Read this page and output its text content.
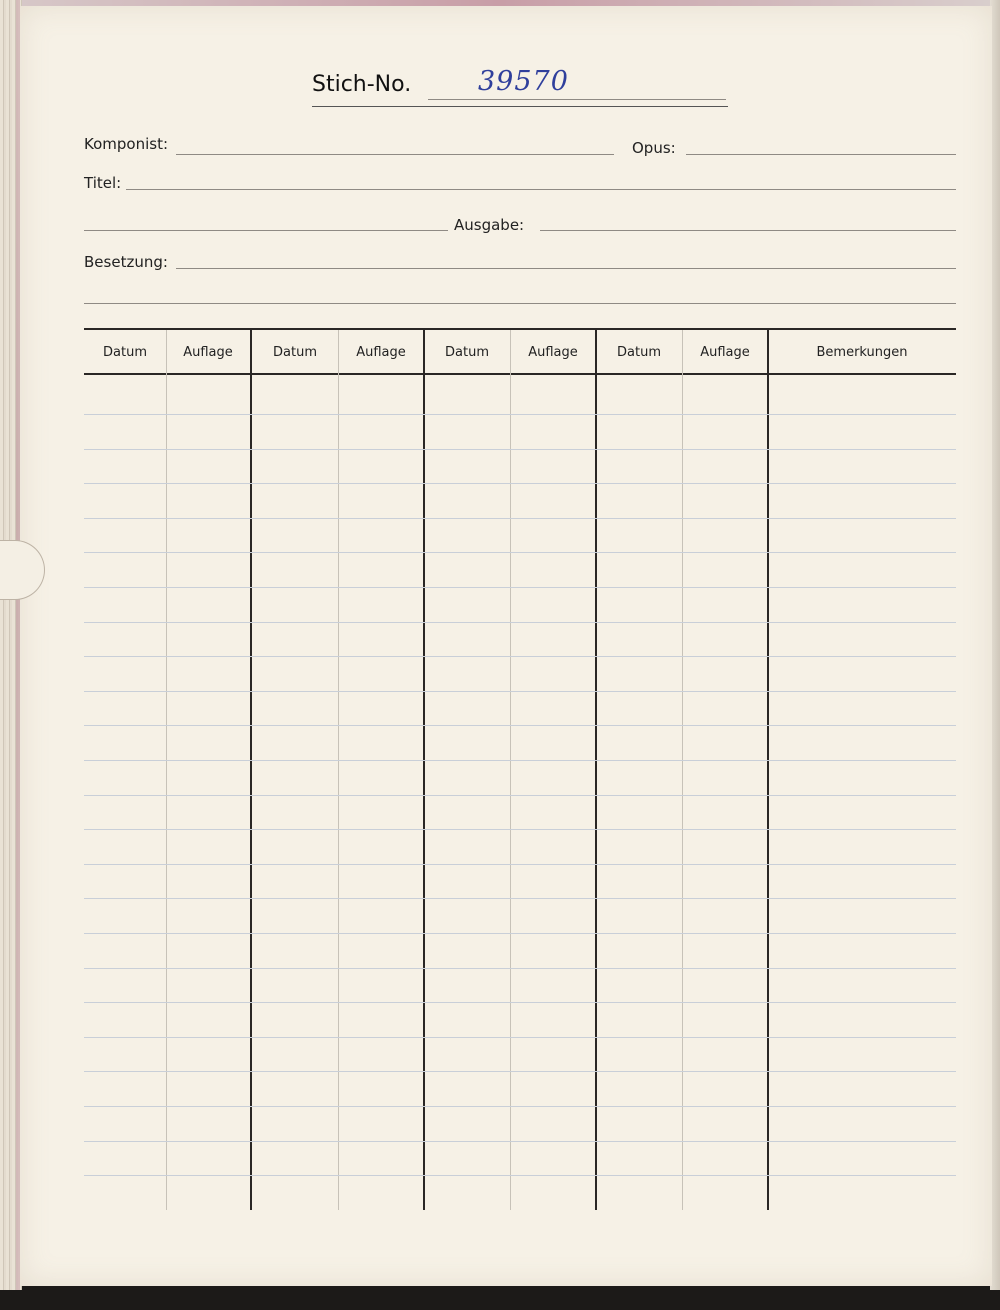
Stich-No. 39570
Komponist:	Opus:
Titel:
Ausgabe:
Besetzung:
Datum	Auflage	Datum	Auflage	Datum	Auflage	Datum	Auflage	Bemerkungen
